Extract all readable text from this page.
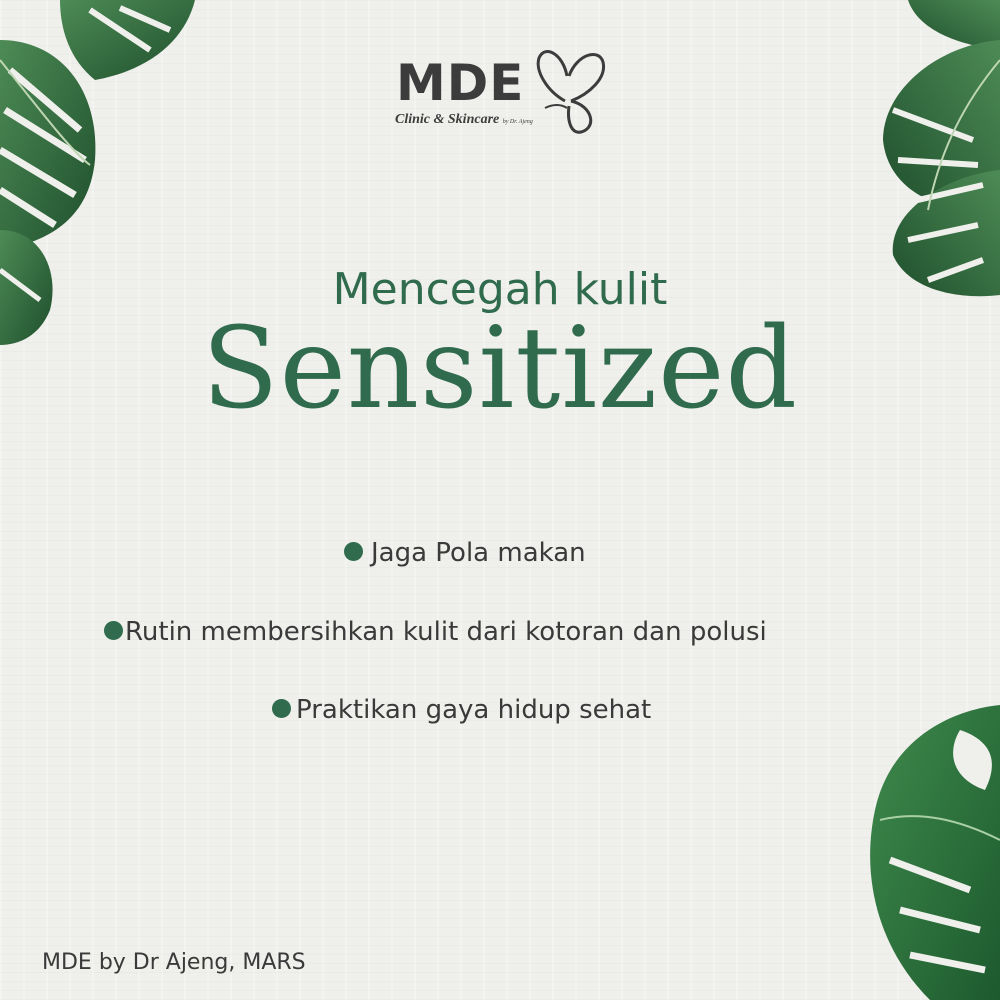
MDE
Clinic & Skincare by Dr. Ajeng
Mencegah kulit
Sensitized
Jaga Pola makan
Rutin membersihkan kulit dari kotoran dan polusi
Praktikan gaya hidup sehat
MDE by Dr Ajeng, MARS
